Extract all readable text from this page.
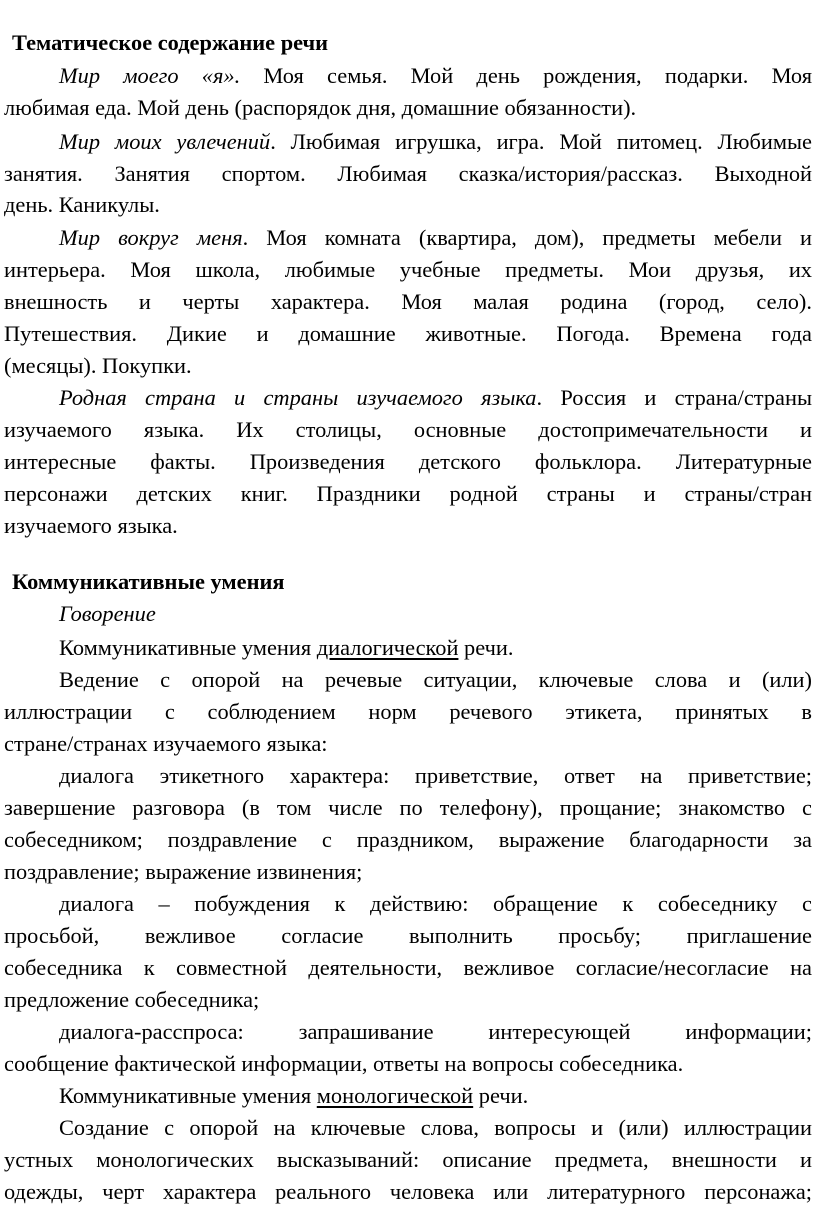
Тематическое содержание речи
Мир моего «я». Моя семья. Мой день рождения, подарки. Моя
любимая еда. Мой день (распорядок дня, домашние обязанности).
Мир моих увлечений. Любимая игрушка, игра. Мой питомец. Любимые
занятия. Занятия спортом. Любимая сказка/история/рассказ. Выходной
день. Каникулы.
Мир вокруг меня. Моя комната (квартира, дом), предметы мебели и
интерьера. Моя школа, любимые учебные предметы. Мои друзья, их
внешность и черты характера. Моя малая родина (город, село).
Путешествия. Дикие и домашние животные. Погода. Времена года
(месяцы). Покупки.
Родная страна и страны изучаемого языка. Россия и страна/страны
изучаемого языка. Их столицы, основные достопримечательности и
интересные факты. Произведения детского фольклора. Литературные
персонажи детских книг. Праздники родной страны и страны/стран
изучаемого языка.
Коммуникативные умения
Говорение
Коммуникативные умения диалогической речи.
Ведение с опорой на речевые ситуации, ключевые слова и (или)
иллюстрации с соблюдением норм речевого этикета, принятых в
стране/странах изучаемого языка:
диалога этикетного характера: приветствие, ответ на приветствие;
завершение разговора (в том числе по телефону), прощание; знакомство с
собеседником; поздравление с праздником, выражение благодарности за
поздравление; выражение извинения;
диалога – побуждения к действию: обращение к собеседнику с
просьбой, вежливое согласие выполнить просьбу; приглашение
собеседника к совместной деятельности, вежливое согласие/несогласие на
предложение собеседника;
диалога-расспроса: запрашивание интересующей информации;
сообщение фактической информации, ответы на вопросы собеседника.
Коммуникативные умения монологической речи.
Создание с опорой на ключевые слова, вопросы и (или) иллюстрации
устных монологических высказываний: описание предмета, внешности и
одежды, черт характера реального человека или литературного персонажа;
